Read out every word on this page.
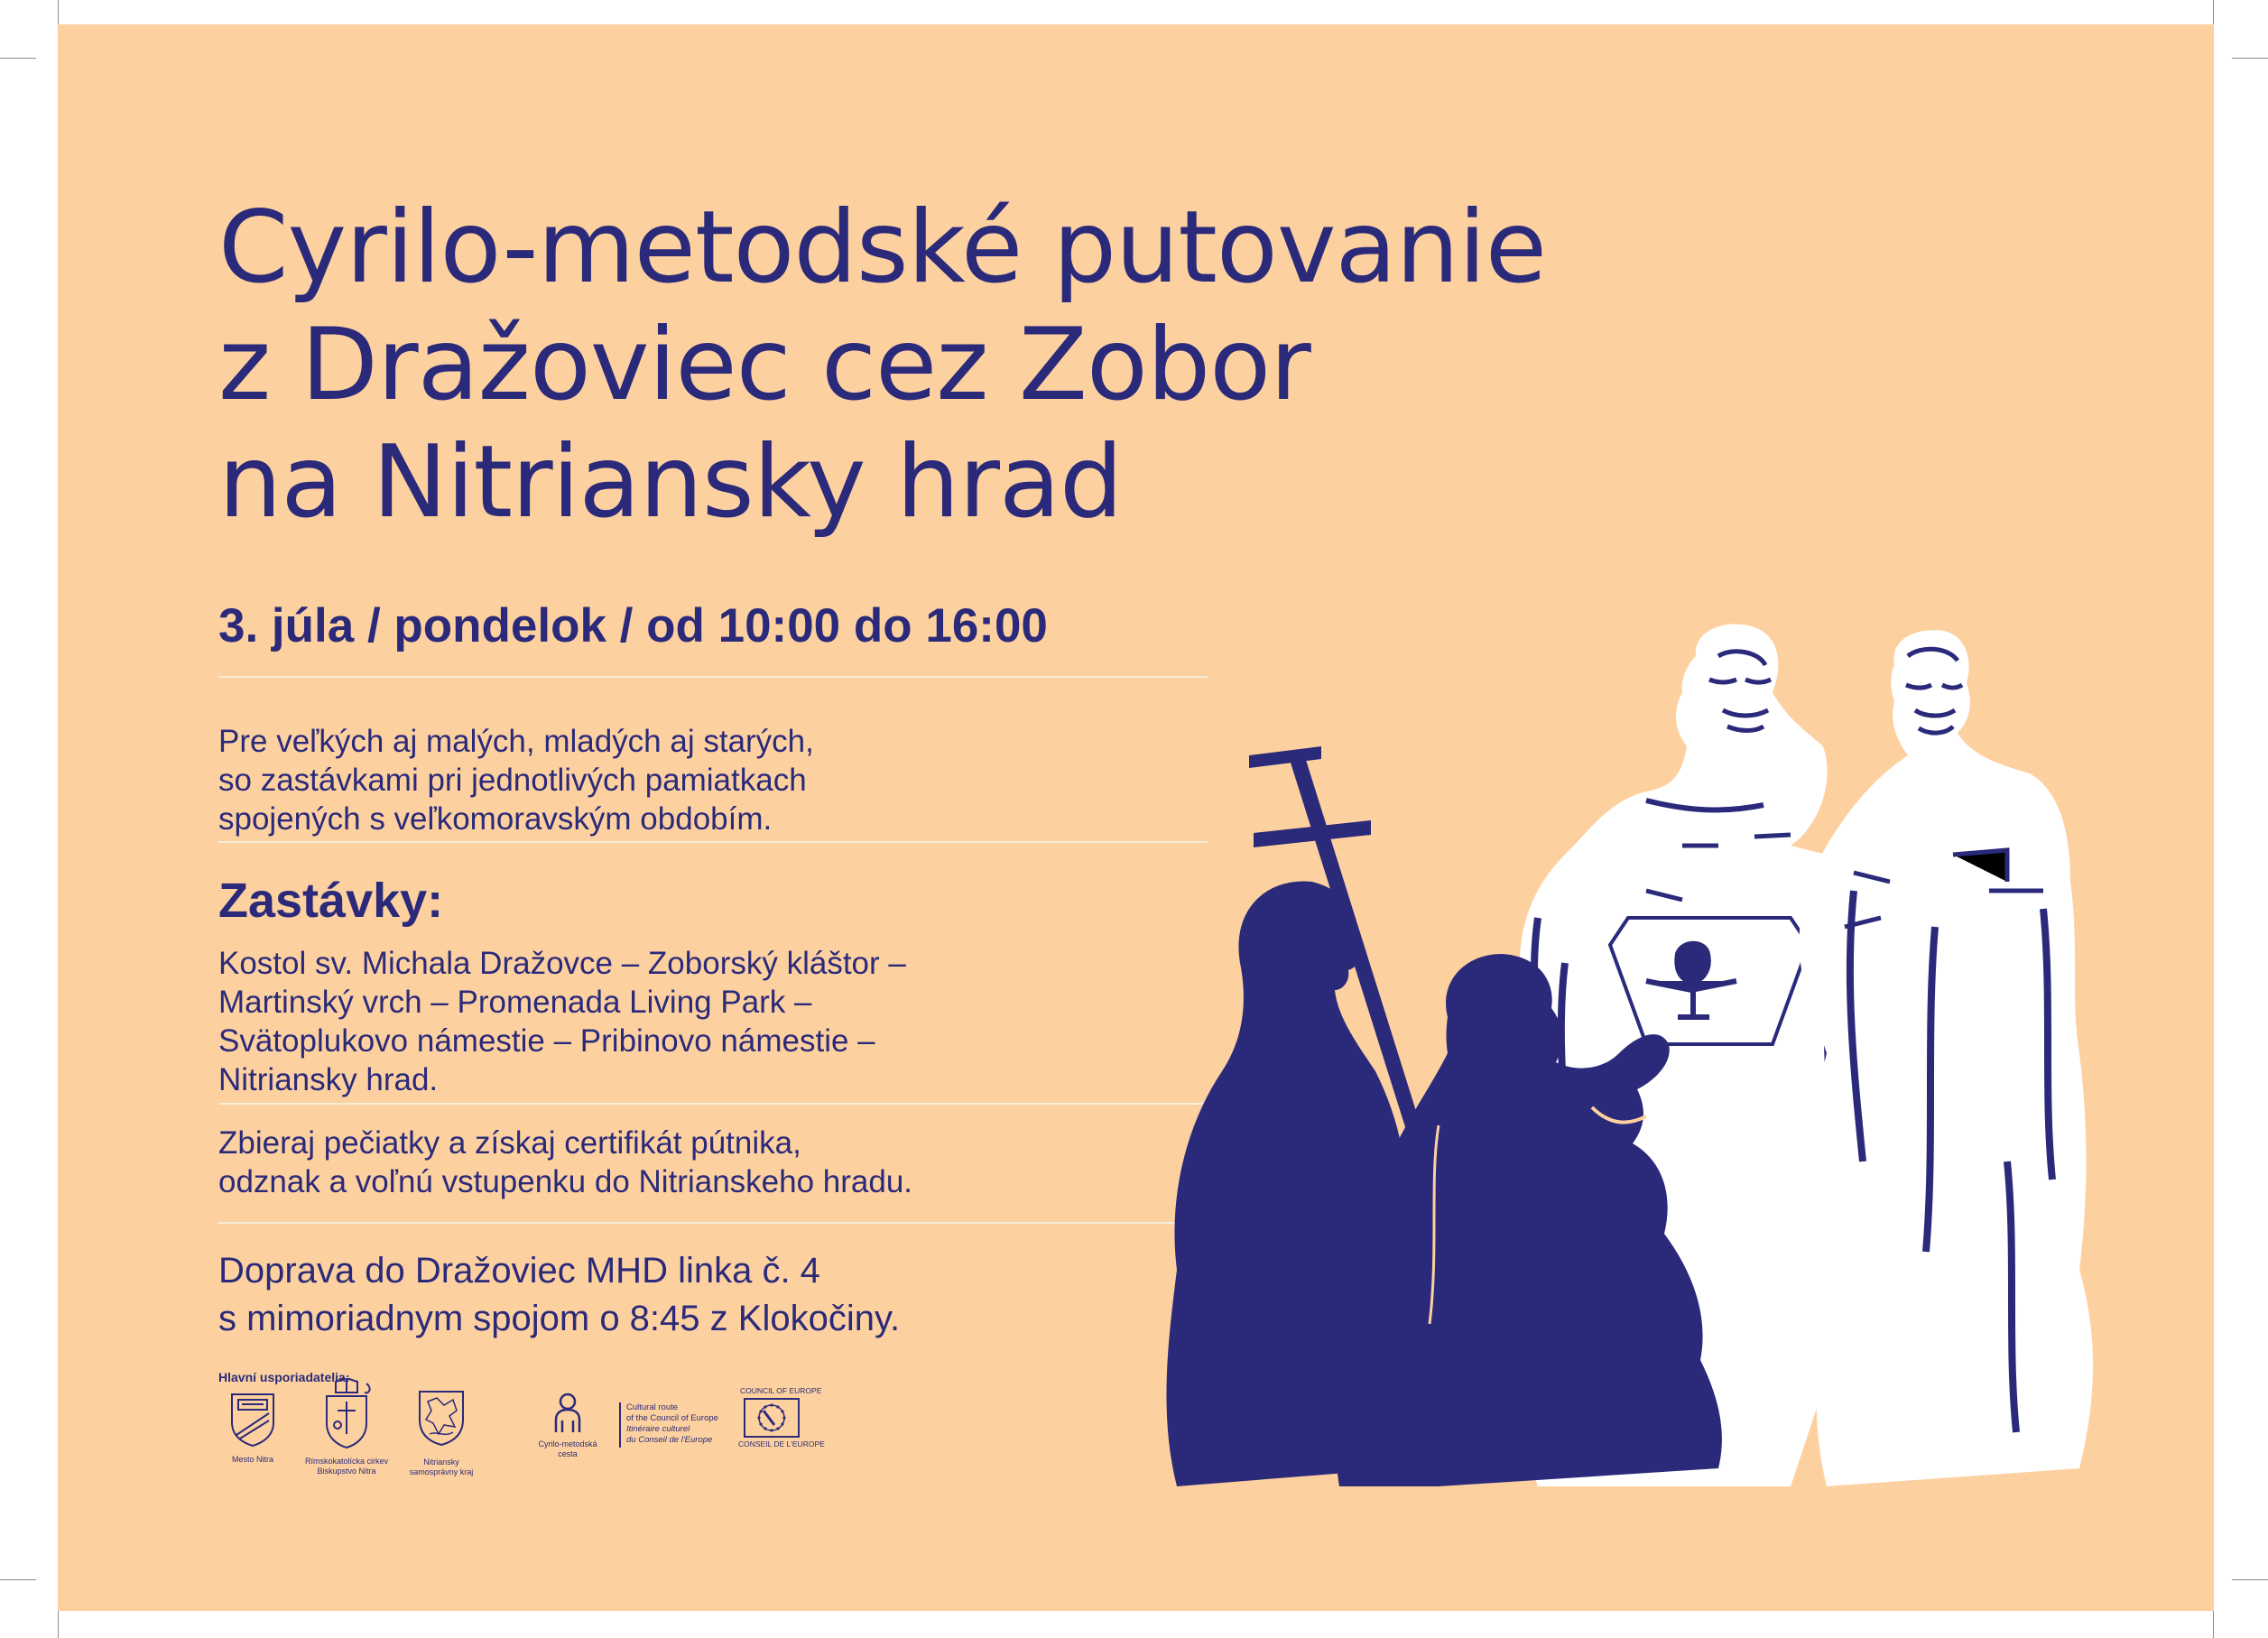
Cyrilo-metodské putovanie
z Dražoviec cez Zobor
na Nitriansky hrad
3. júla / pondelok / od 10:00 do 16:00
Pre veľkých aj malých, mladých aj starých,
so zastávkami pri jednotlivých pamiatkach
spojených s veľkomoravským obdobím.
Zastávky:
Kostol sv. Michala Dražovce – Zoborský kláštor –
Martinský vrch – Promenada Living Park –
Svätoplukovo námestie – Pribinovo námestie –
Nitriansky hrad.
Zbieraj pečiatky a získaj certifikát pútnika,
odznak a voľnú vstupenku do Nitrianskeho hradu.
Doprava do Dražoviec MHD linka č. 4
s mimoriadnym spojom o 8:45 z Klokočiny.
Hlavní usporiadatelia:
Mesto Nitra	Rímskokatolícka cirkev
Biskupstvo Nitra
Nitriansky
samosprávny kraj
Cyrilo-metodská
cesta
Cultural route
of the Council of Europe
Itinéraire culturel
du Conseil de l'Europe
COUNCIL OF EUROPE
CONSEIL DE L'EUROPE
